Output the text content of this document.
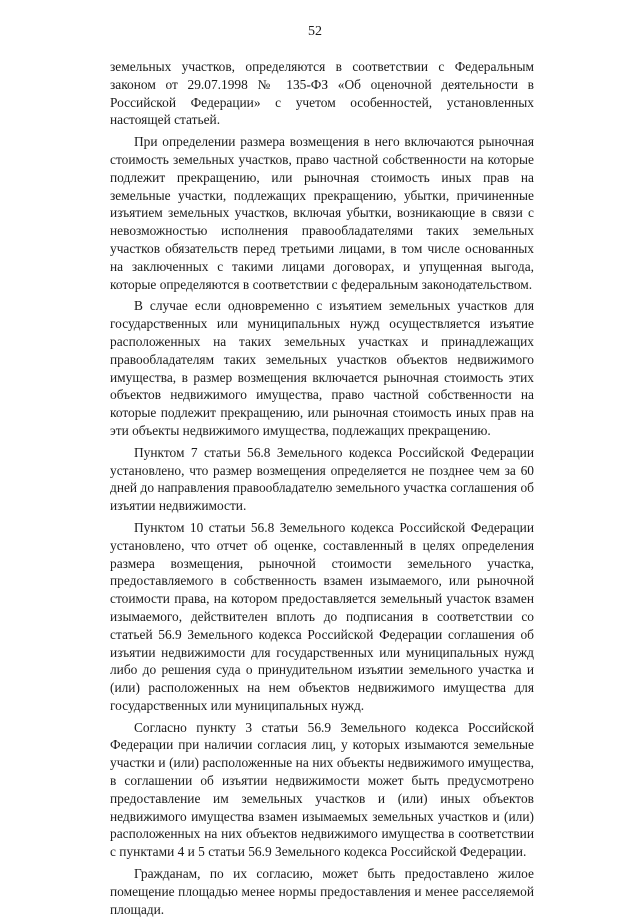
52

земельных участков, определяются в соответствии с Федеральным законом от 29.07.1998 № 135-ФЗ «Об оценочной деятельности в Российской Федерации» с учетом особенностей, установленных настоящей статьей.

При определении размера возмещения в него включаются рыночная стоимость земельных участков, право частной собственности на которые подлежит прекращению, или рыночная стоимость иных прав на земельные участки, подлежащих прекращению, убытки, причиненные изъятием земельных участков, включая убытки, возникающие в связи с невозможностью исполнения правообладателями таких земельных участков обязательств перед третьими лицами, в том числе основанных на заключенных с такими лицами договорах, и упущенная выгода, которые определяются в соответствии с федеральным законодательством.

В случае если одновременно с изъятием земельных участков для государственных или муниципальных нужд осуществляется изъятие расположенных на таких земельных участках и принадлежащих правообладателям таких земельных участков объектов недвижимого имущества, в размер возмещения включается рыночная стоимость этих объектов недвижимого имущества, право частной собственности на которые подлежит прекращению, или рыночная стоимость иных прав на эти объекты недвижимого имущества, подлежащих прекращению.

Пунктом 7 статьи 56.8 Земельного кодекса Российской Федерации установлено, что размер возмещения определяется не позднее чем за 60 дней до направления правообладателю земельного участка соглашения об изъятии недвижимости.

Пунктом 10 статьи 56.8 Земельного кодекса Российской Федерации установлено, что отчет об оценке, составленный в целях определения размера возмещения, рыночной стоимости земельного участка, предоставляемого в собственность взамен изымаемого, или рыночной стоимости права, на котором предоставляется земельный участок взамен изымаемого, действителен вплоть до подписания в соответствии со статьей 56.9 Земельного кодекса Российской Федерации соглашения об изъятии недвижимости для государственных или муниципальных нужд либо до решения суда о принудительном изъятии земельного участка и (или) расположенных на нем объектов недвижимого имущества для государственных или муниципальных нужд.

Согласно пункту 3 статьи 56.9 Земельного кодекса Российской Федерации при наличии согласия лиц, у которых изымаются земельные участки и (или) расположенные на них объекты недвижимого имущества, в соглашении об изъятии недвижимости может быть предусмотрено предоставление им земельных участков и (или) иных объектов недвижимого имущества взамен изымаемых земельных участков и (или) расположенных на них объектов недвижимого имущества в соответствии с пунктами 4 и 5 статьи 56.9 Земельного кодекса Российской Федерации.

Гражданам, по их согласию, может быть предоставлено жилое помещение площадью менее нормы предоставления и менее расселяемой площади.
